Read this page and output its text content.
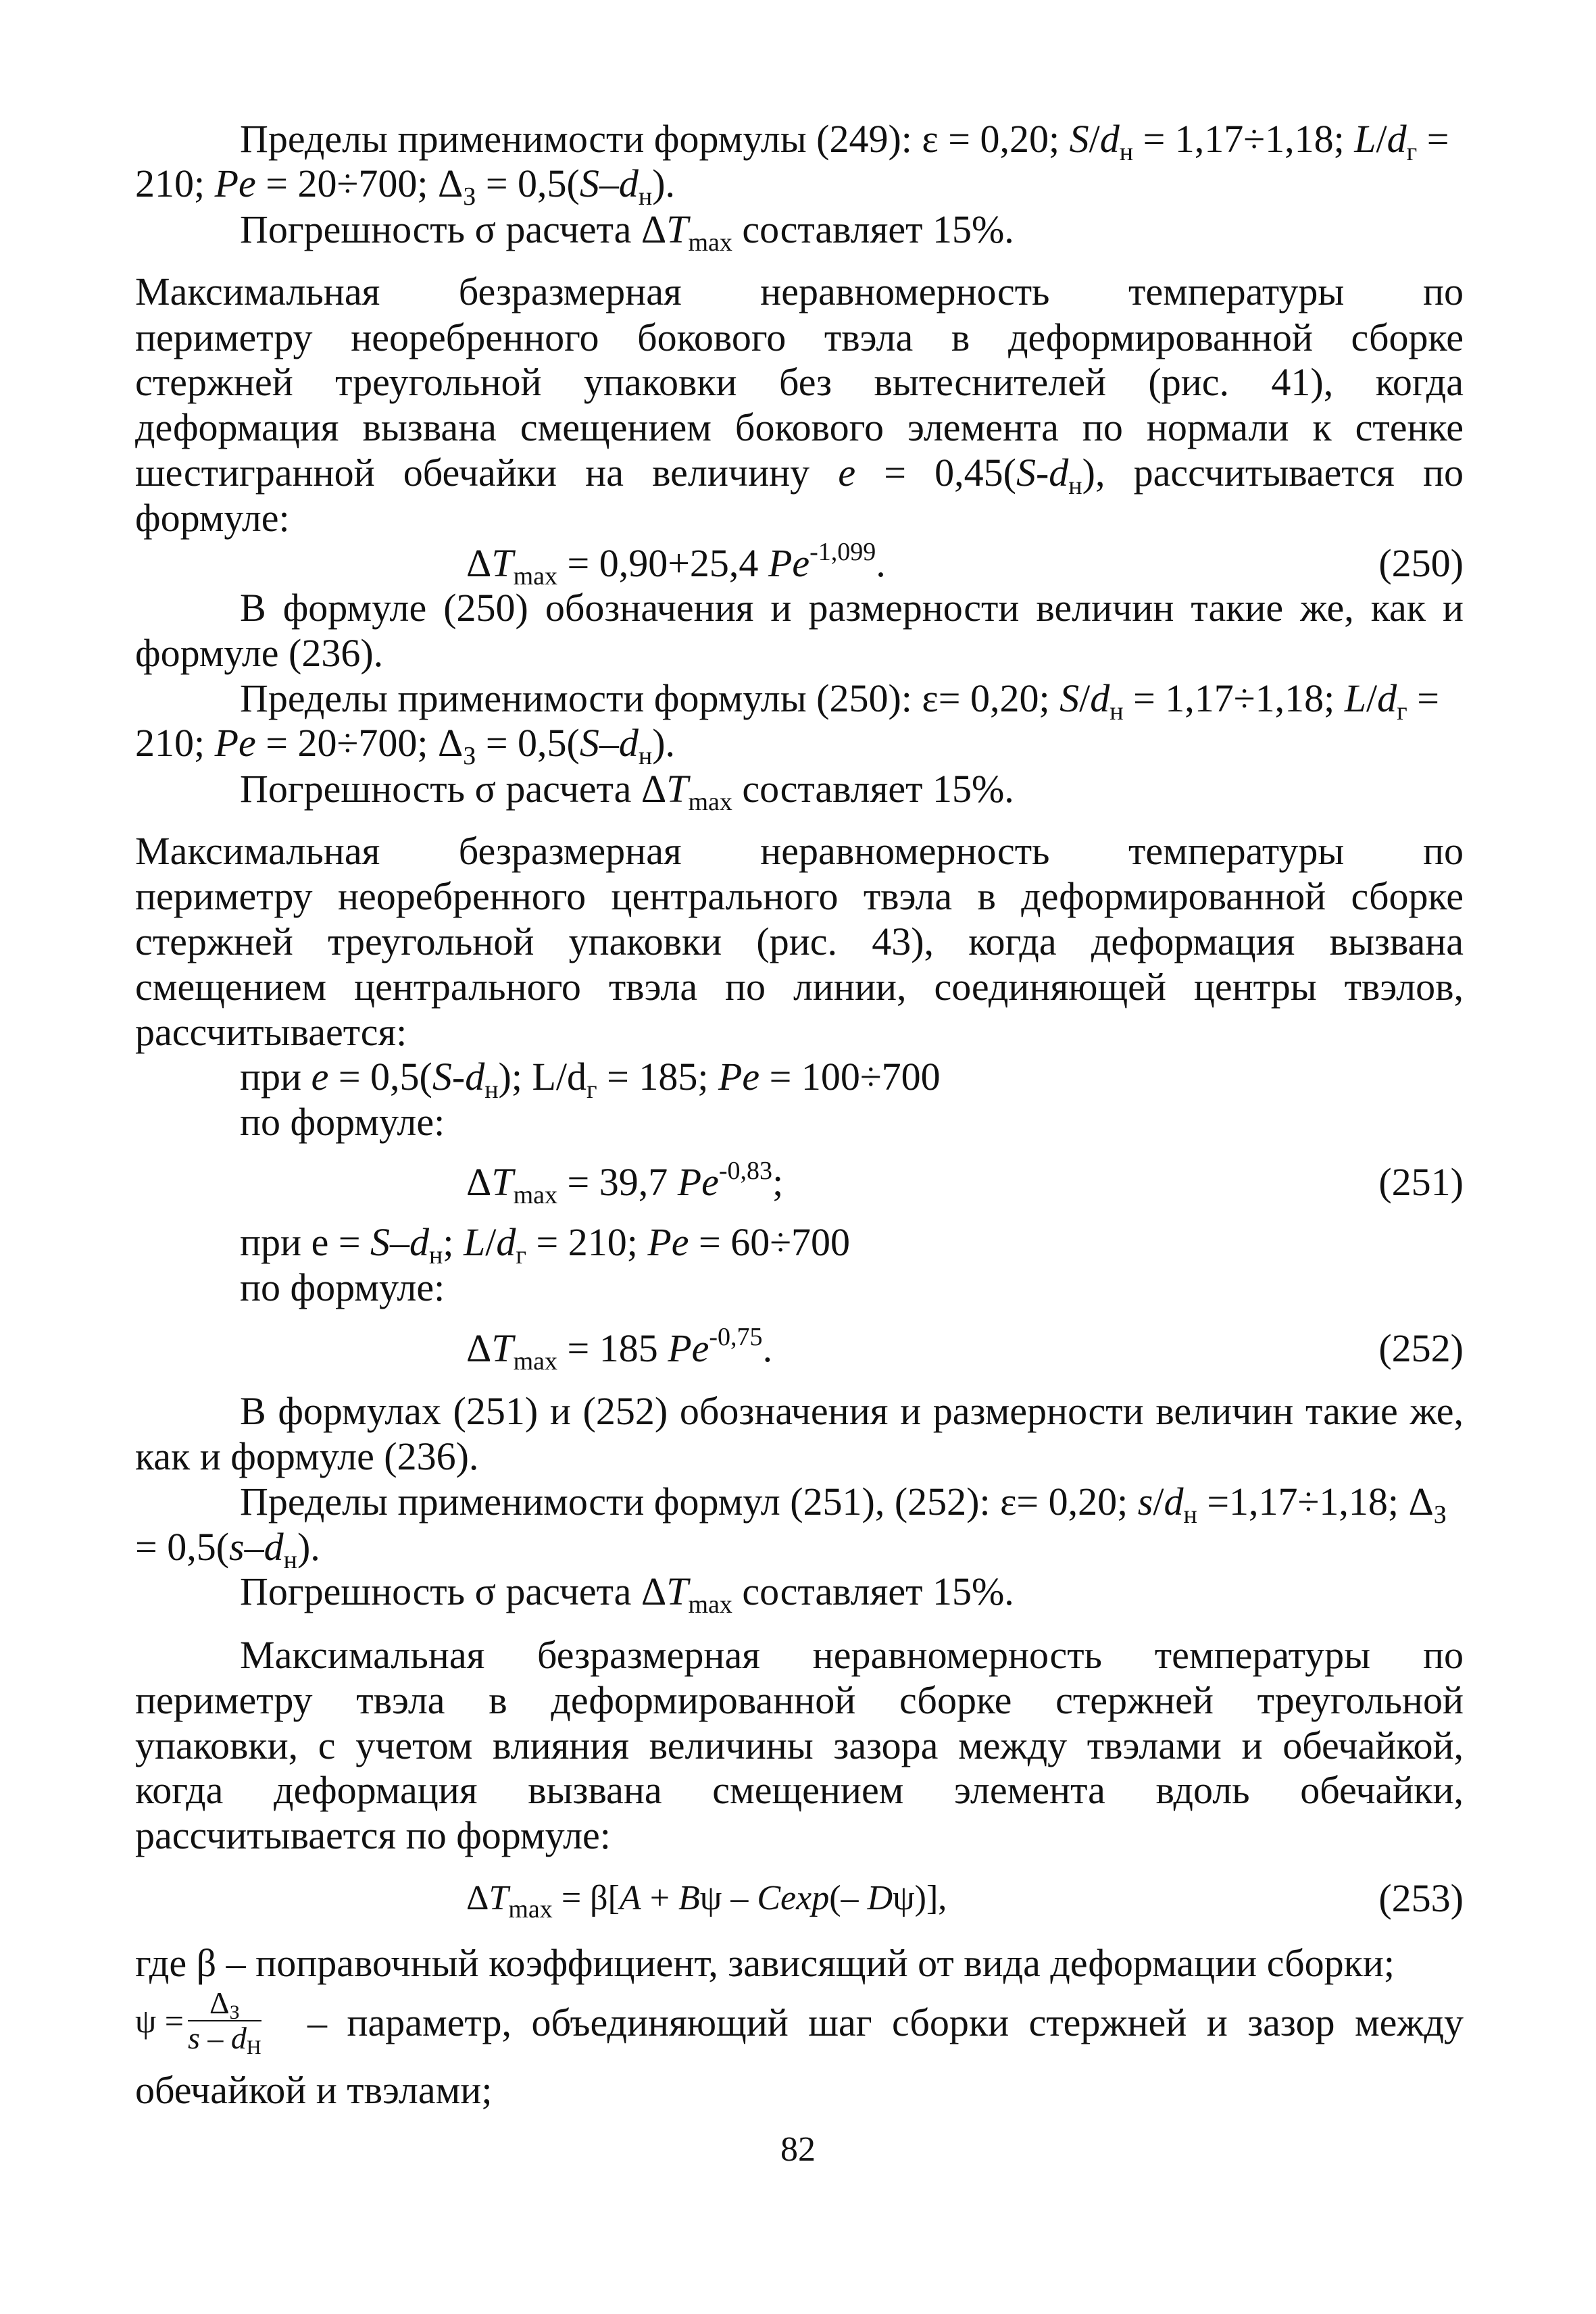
Пределы применимости формулы (249): ε = 0,20; $S/d_н = 1,17\div 1,18$; $L/d_г$ =
210; Pe = 20÷700; $\Delta_З = 0,5(S-d_н)$.
Погрешность σ расчета $\Delta T_{max}$ составляет 15%.
Максимальная безразмерная неравномерность температуры по
периметру неоребренного бокового твэла в деформированной сборке
стержней треугольной упаковки без вытеснителей (рис. 41), когда
деформация вызвана смещением бокового элемента по нормали к стенке
шестигранной обечайки на величину $e = 0,45(S-d_н)$, рассчитывается по
формуле:
$\Delta T_{max} = 0,90+25,4$ $Pe^{-1,099}$.	(250)
В формуле (250) обозначения и размерности величин такие же, как и
формуле (236).
Пределы применимости формулы (250): ε= 0,20; $S/d_н = 1,17\div 1,18$; $L/d_г$ =
210; Pe = 20÷700; $\Delta_З = 0,5(S-d_н)$.
Погрешность σ расчета $\Delta T_{max}$ составляет 15%.
Максимальная безразмерная неравномерность температуры по
периметру неоребренного центрального твэла в деформированной сборке
стержней треугольной упаковки (рис. 43), когда деформация вызвана
смещением центрального твэла по линии, соединяющей центры твэлов,
рассчитывается:
при $e = 0,5(S-d_н)$; $L/d_г = 185$; Pe = 100÷700
по формуле:
$\Delta T_{max} = 39,7$ $Pe^{-0,83}$;	(251)
при $е = S-d_н$; $L/d_г = 210$; Pe = 60÷700
по формуле:
$\Delta T_{max} = 185$ $Pe^{-0,75}$.	(252)
В формулах (251) и (252) обозначения и размерности величин такие же,
как и формуле (236).
Пределы применимости формул (251), (252): ε= 0,20; $s/d_н =1,17\div 1,18$; $\Delta_З$
= $0,5(s-d_н)$.
Погрешность σ расчета $\Delta T_{max}$ составляет 15%.
Максимальная безразмерная неравномерность температуры по
периметру твэла в деформированной сборке стержней треугольной
упаковки, с учетом влияния величины зазора между твэлами и обечайкой,
когда деформация вызвана смещением элемента вдоль обечайки,
рассчитывается по формуле:
$\Delta T_{max} = \beta[A + B\psi - Cexp(-$ Dψ)],	(253)
где β – поправочный коэффициент, зависящий от вида деформации сборки;
$\psi = \frac{\Delta_З}{s - d_Н}$ – параметр, объединяющий шаг сборки стержней и зазор между
обечайкой и твэлами;
82
